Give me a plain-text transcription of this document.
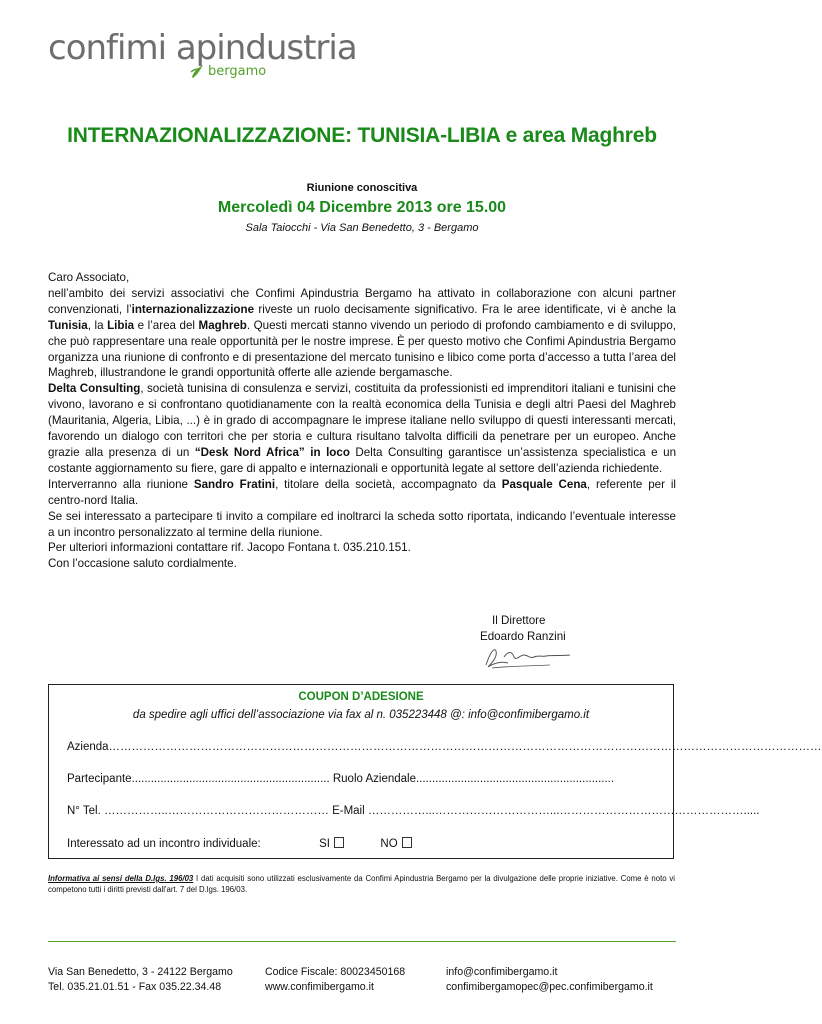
confimi apindustria
bergamo
INTERNAZIONALIZZAZIONE: TUNISIA-LIBIA e area Maghreb
Riunione conoscitiva
Mercoledì 04 Dicembre 2013 ore 15.00
Sala Taiocchi - Via San Benedetto, 3 - Bergamo

Caro Associato,

nell’ambito dei servizi associativi che Confimi Apindustria Bergamo ha attivato in collaborazione con alcuni partner convenzionati, l’internazionalizzazione riveste un ruolo decisamente significativo. Fra le aree identificate, vi è anche la Tunisia, la Libia e l’area del Maghreb. Questi mercati stanno vivendo un periodo di profondo cambiamento e di sviluppo, che può rappresentare una reale opportunità per le nostre imprese. È per questo motivo che Confimi Apindustria Bergamo organizza una riunione di confronto e di presentazione del mercato tunisino e libico come porta d’accesso a tutta l’area del Maghreb, illustrandone le grandi opportunità offerte alle aziende bergamasche.

Delta Consulting, società tunisina di consulenza e servizi, costituita da professionisti ed imprenditori italiani e tunisini che vivono, lavorano e si confrontano quotidianamente con la realtà economica della Tunisia e degli altri Paesi del Maghreb (Mauritania, Algeria, Libia, ...) è in grado di accompagnare le imprese italiane nello sviluppo di questi interessanti mercati, favorendo un dialogo con territori che per storia e cultura risultano talvolta difficili da penetrare per un europeo. Anche grazie alla presenza di un “Desk Nord Africa” in loco Delta Consulting garantisce un’assistenza specialistica e un costante aggiornamento su fiere, gare di appalto e internazionali e opportunità legate al settore dell’azienda richiedente.

Interverranno alla riunione Sandro Fratini, titolare della società, accompagnato da Pasquale Cena, referente per il centro-nord Italia.

Se sei interessato a partecipare ti invito a compilare ed inoltrarci la scheda sotto riportata, indicando l’eventuale interesse a un incontro personalizzato al termine della riunione.

Per ulteriori informazioni contattare rif. Jacopo Fontana t. 035.210.151.

Con l’occasione saluto cordialmente.

Il Direttore
Edoardo Ranzini
COUPON D’ADESIONE
da spedire agli uffici dell’associazione via fax al n. 035223448 @: info@confimibergamo.it
Azienda……………………………………………………………………………………………………………………………………………………………………
Partecipante.............................................................. Ruolo Aziendale..............................................................
N° Tel. ……………..…………………………………… E-Mail ……………...…………………………...………………………………………….....
Interessato ad un incontro individuale:	SI	NO
Informativa ai sensi della D.lgs. 196/03 I dati acquisiti sono utilizzati esclusivamente da Confimi Apindustria Bergamo per la divulgazione delle proprie iniziative. Come è noto vi competono tutti i diritti previsti dall'art. 7 del D.lgs. 196/03.
Via San Benedetto, 3 - 24122 Bergamo
Tel. 035.21.01.51 - Fax 035.22.34.48
Codice Fiscale: 80023450168
www.confimibergamo.it
info@confimibergamo.it
confimibergamopec@pec.confimibergamo.it
